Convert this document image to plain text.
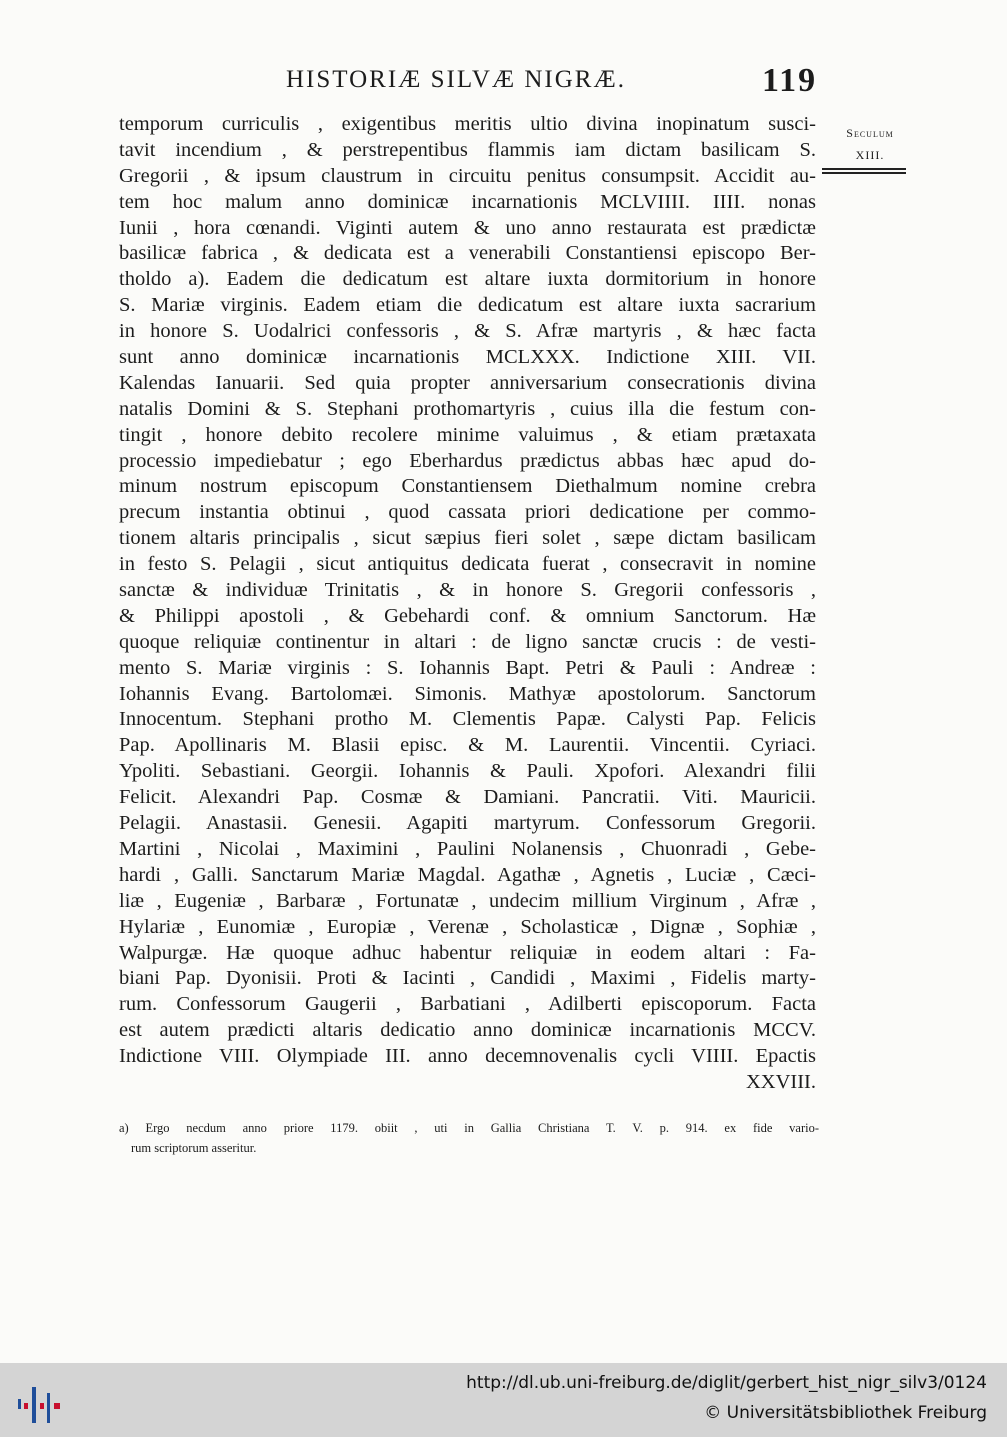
HISTORIÆ SILVÆ NIGRÆ.	119
Seculum
XIII.
temporum curriculis , exigentibus meritis ultio divina inopinatum susci-
tavit incendium , & perstrepentibus flammis iam dictam basilicam S.
Gregorii , & ipsum claustrum in circuitu penitus consumpsit. Accidit au-
tem hoc malum anno dominicæ incarnationis MCLVIIII. IIII. nonas
Iunii , hora cœnandi. Viginti autem & uno anno restaurata est prædictæ
basilicæ fabrica , & dedicata est a venerabili Constantiensi episcopo Ber-
tholdo a). Eadem die dedicatum est altare iuxta dormitorium in honore
S. Mariæ virginis. Eadem etiam die dedicatum est altare iuxta sacrarium
in honore S. Uodalrici confessoris , & S. Afræ martyris , & hæc facta
sunt anno dominicæ incarnationis MCLXXX. Indictione XIII. VII.
Kalendas Ianuarii. Sed quia propter anniversarium consecrationis divina
natalis Domini & S. Stephani prothomartyris , cuius illa die festum con-
tingit , honore debito recolere minime valuimus , & etiam prætaxata
processio impediebatur ; ego Eberhardus prædictus abbas hæc apud do-
minum nostrum episcopum Constantiensem Diethalmum nomine crebra
precum instantia obtinui , quod cassata priori dedicatione per commo-
tionem altaris principalis , sicut sæpius fieri solet , sæpe dictam basilicam
in festo S. Pelagii , sicut antiquitus dedicata fuerat , consecravit in nomine
sanctæ & individuæ Trinitatis , & in honore S. Gregorii confessoris ,
& Philippi apostoli , & Gebehardi conf. & omnium Sanctorum. Hæ
quoque reliquiæ continentur in altari : de ligno sanctæ crucis : de vesti-
mento S. Mariæ virginis : S. Iohannis Bapt. Petri & Pauli : Andreæ :
Iohannis Evang. Bartolomæi. Simonis. Mathyæ apostolorum. Sanctorum
Innocentum. Stephani protho M. Clementis Papæ. Calysti Pap. Felicis
Pap. Apollinaris M. Blasii episc. & M. Laurentii. Vincentii. Cyriaci.
Ypoliti. Sebastiani. Georgii. Iohannis & Pauli. Xpofori. Alexandri filii
Felicit. Alexandri Pap. Cosmæ & Damiani. Pancratii. Viti. Mauricii.
Pelagii. Anastasii. Genesii. Agapiti martyrum. Confessorum Gregorii.
Martini , Nicolai , Maximini , Paulini Nolanensis , Chuonradi , Gebe-
hardi , Galli. Sanctarum Mariæ Magdal. Agathæ , Agnetis , Luciæ , Cæci-
liæ , Eugeniæ , Barbaræ , Fortunatæ , undecim millium Virginum , Afræ ,
Hylariæ , Eunomiæ , Europiæ , Verenæ , Scholasticæ , Dignæ , Sophiæ ,
Walpurgæ. Hæ quoque adhuc habentur reliquiæ in eodem altari : Fa-
biani Pap. Dyonisii. Proti & Iacinti , Candidi , Maximi , Fidelis marty-
rum. Confessorum Gaugerii , Barbatiani , Adilberti episcoporum. Facta
est autem prædicti altaris dedicatio anno dominicæ incarnationis MCCV.
Indictione VIII. Olympiade III. anno decemnovenalis cycli VIIII. Epactis
XXVIII.
a) Ergo necdum anno priore 1179. obiit , uti in Gallia Christiana T. V. p. 914. ex fide vario-
rum scriptorum asseritur.
http://dl.ub.uni-freiburg.de/diglit/gerbert_hist_nigr_silv3/0124
© Universitätsbibliothek Freiburg
